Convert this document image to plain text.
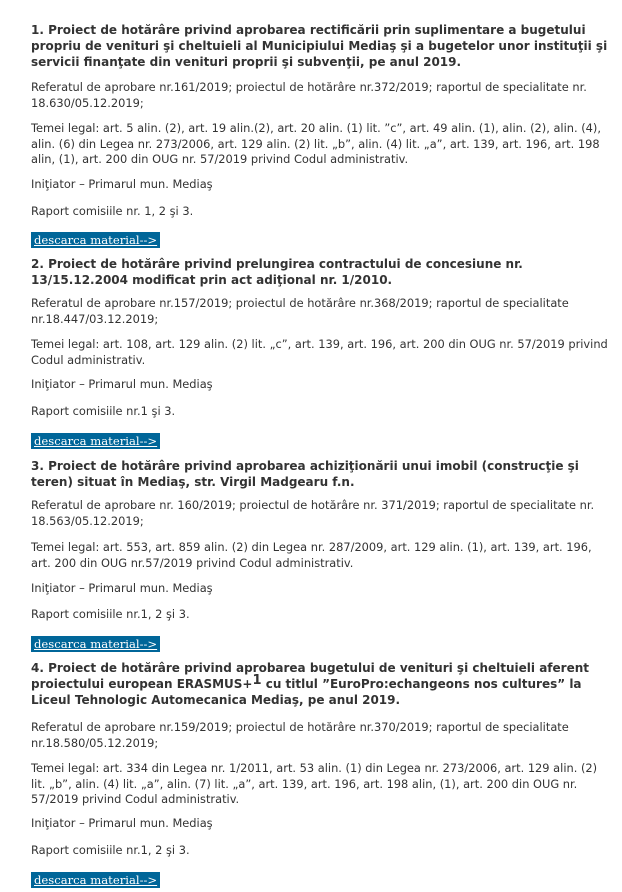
1. Proiect de hotărâre privind aprobarea rectificării prin suplimentare a bugetului propriu de venituri şi cheltuieli al Municipiului Mediaş şi a bugetelor unor instituţii şi servicii finanţate din venituri proprii şi subvenţii, pe anul 2019.
Referatul de aprobare nr.161/2019; proiectul de hotărâre nr.372/2019; raportul de specialitate nr. 18.630/05.12.2019;
Temei legal: art. 5 alin. (2), art. 19 alin.(2), art. 20 alin. (1) lit. ”c”, art. 49 alin. (1), alin. (2), alin. (4), alin. (6) din Legea nr. 273/2006, art. 129 alin. (2) lit. „b”, alin. (4) lit. „a”, art. 139, art. 196, art. 198 alin, (1), art. 200 din OUG nr. 57/2019 privind Codul administrativ.
Iniţiator – Primarul mun. Mediaş
Raport comisiile nr. 1, 2 şi 3.
descarca material-->
2. Proiect de hotărâre privind prelungirea contractului de concesiune nr. 13/15.12.2004 modificat prin act adiţional nr. 1/2010.
Referatul de aprobare nr.157/2019; proiectul de hotărâre nr.368/2019; raportul de specialitate nr.18.447/03.12.2019;
Temei legal: art. 108, art. 129 alin. (2) lit. „c”, art. 139, art. 196, art. 200 din OUG nr. 57/2019 privind Codul administrativ.
Iniţiator – Primarul mun. Mediaş
Raport comisiile nr.1 şi 3.
descarca material-->
3. Proiect de hotărâre privind aprobarea achiziţionării unui imobil (construcţie şi teren) situat în Mediaş, str. Virgil Madgearu f.n.
Referatul de aprobare nr. 160/2019; proiectul de hotărâre nr. 371/2019; raportul de specialitate nr. 18.563/05.12.2019;
Temei legal: art. 553, art. 859 alin. (2) din Legea nr. 287/2009, art. 129 alin. (1), art. 139, art. 196, art. 200 din OUG nr.57/2019 privind Codul administrativ.
Iniţiator – Primarul mun. Mediaş
Raport comisiile nr.1, 2 şi 3.
descarca material-->
4. Proiect de hotărâre privind aprobarea bugetului de venituri şi cheltuieli aferent proiectului european ERASMUS+$^1$ cu titlul ”EuroPro:echangeons nos cultures” la Liceul Tehnologic Automecanica Mediaş, pe anul 2019.
Referatul de aprobare nr.159/2019; proiectul de hotărâre nr.370/2019; raportul de specialitate nr.18.580/05.12.2019;
Temei legal: art. 334 din Legea nr. 1/2011, art. 53 alin. (1) din Legea nr. 273/2006, art. 129 alin. (2) lit. „b”, alin. (4) lit. „a”, alin. (7) lit. „a”, art. 139, art. 196, art. 198 alin, (1), art. 200 din OUG nr. 57/2019 privind Codul administrativ.
Iniţiator – Primarul mun. Mediaş
Raport comisiile nr.1, 2 şi 3.
descarca material-->
